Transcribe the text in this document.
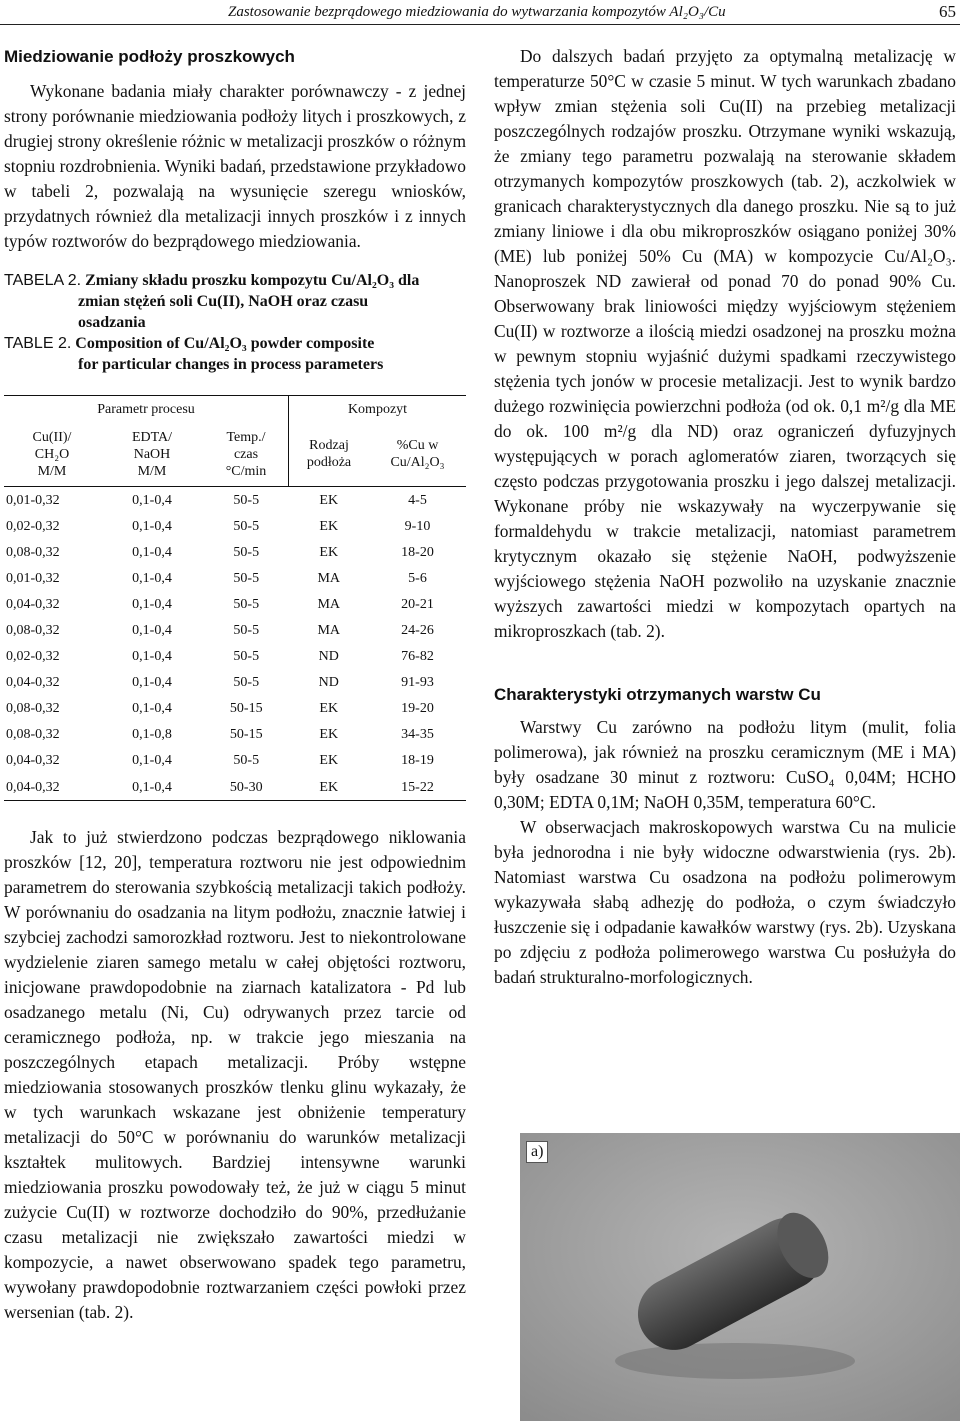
Zastosowanie bezprądowego miedziowania do wytwarzania kompozytów Al₂O₃/Cu	65

Miedziowanie podłoży proszkowych

Wykonane badania miały charakter porównawczy - z jednej strony porównanie miedziowania podłoży litych i proszkowych, z drugiej strony określenie różnic w metalizacji proszków o różnym stopniu rozdrobnienia. Wyniki badań, przedstawione przykładowo w tabeli 2, pozwalają na wysunięcie szeregu wniosków, przydatnych również dla metalizacji innych proszków i z innych typów roztworów do bezprądowego miedziowania.

TABELA 2. Zmiany składu proszku kompozytu Cu/Al₂O₃ dla
zmian stężeń soli Cu(II), NaOH oraz czasu
osadzania
TABLE 2. Composition of Cu/Al₂O₃ powder composite
for particular changes in process parameters
Parametr procesu			Kompozyt	
Cu(II)/
CH₂O
M/M	EDTA/
NaOH
M/M	Temp./
czas
°C/min	Rodzaj
podłoża	%Cu w
Cu/Al₂O₃
0,01-0,32	0,1-0,4	50-5	EK	4-5
0,02-0,32	0,1-0,4	50-5	EK	9-10
0,08-0,32	0,1-0,4	50-5	EK	18-20
0,01-0,32	0,1-0,4	50-5	MA	5-6
0,04-0,32	0,1-0,4	50-5	MA	20-21
0,08-0,32	0,1-0,4	50-5	MA	24-26
0,02-0,32	0,1-0,4	50-5	ND	76-82
0,04-0,32	0,1-0,4	50-5	ND	91-93
0,08-0,32	0,1-0,4	50-15	EK	19-20
0,08-0,32	0,1-0,8	50-15	EK	34-35
0,04-0,32	0,1-0,4	50-5	EK	18-19
0,04-0,32	0,1-0,4	50-30	EK	15-22

Jak to już stwierdzono podczas bezprądowego niklowania proszków [12, 20], temperatura roztworu nie jest odpowiednim parametrem do sterowania szybkością metalizacji takich podłoży. W porównaniu do osadzania na litym podłożu, znacznie łatwiej i szybciej zachodzi samorozkład roztworu. Jest to niekontrolowane wydzielenie ziaren samego metalu w całej objętości roztworu, inicjowane prawdopodobnie na ziarnach katalizatora - Pd lub osadzanego metalu (Ni, Cu) odrywanych przez tarcie od ceramicznego podłoża, np. w trakcie jego mieszania na poszczególnych etapach metalizacji. Próby wstępne miedziowania stosowanych proszków tlenku glinu wykazały, że w tych warunkach wskazane jest obniżenie temperatury metalizacji do 50°C w porównaniu do warunków metalizacji kształtek mulitowych. Bardziej intensywne warunki miedziowania proszku powodowały też, że już w ciągu 5 minut zużycie Cu(II) w roztworze dochodziło do 90%, przedłużanie czasu metalizacji nie zwiększało zawartości miedzi w kompozycie, a nawet obserwowano spadek tego parametru, wywołany prawdopodobnie roztwarzaniem części powłoki przez wersenian (tab. 2).

Do dalszych badań przyjęto za optymalną metalizację w temperaturze 50°C w czasie 5 minut. W tych warunkach zbadano wpływ zmian stężenia soli Cu(II) na przebieg metalizacji poszczególnych rodzajów proszku. Otrzymane wyniki wskazują, że zmiany tego parametru pozwalają na sterowanie składem otrzymanych kompozytów proszkowych (tab. 2), aczkolwiek w granicach charakterystycznych dla danego proszku. Nie są to już zmiany liniowe i dla obu mikroproszków osiągano poniżej 30% (ME) lub poniżej 50% Cu (MA) w kompozycie Cu/Al₂O₃. Nanoproszek ND zawierał od ponad 70 do ponad 90% Cu. Obserwowany brak liniowości między wyjściowym stężeniem Cu(II) w roztworze a ilością miedzi osadzonej na proszku można w pewnym stopniu wyjaśnić dużymi spadkami rzeczywistego stężenia tych jonów w procesie metalizacji. Jest to wynik bardzo dużego rozwinięcia powierzchni podłoża (od ok. 0,1 m²/g dla ME do ok. 100 m²/g dla ND) oraz ograniczeń dyfuzyjnych występujących w porach aglomeratów ziaren, tworzących się często podczas przygotowania proszku i jego dalszej metalizacji. Wykonane próby nie wskazywały na wyczerpywanie się formaldehydu w trakcie metalizacji, natomiast parametrem krytycznym okazało się stężenie NaOH, podwyższenie wyjściowego stężenia NaOH pozwoliło na uzyskanie znacznie wyższych zawartości miedzi w kompozytach opartych na mikroproszkach (tab. 2).

Charakterystyki otrzymanych warstw Cu

Warstwy Cu zarówno na podłożu litym (mulit, folia polimerowa), jak również na proszku ceramicznym (ME i MA) były osadzane 30 minut z roztworu: CuSO₄ 0,04M; HCHO 0,30M; EDTA 0,1M; NaOH 0,35M, temperatura 60°C.

W obserwacjach makroskopowych warstwa Cu na mulicie była jednorodna i nie były widoczne odwarstwienia (rys. 2b). Natomiast warstwa Cu osadzona na podłożu polimerowym wykazywała słabą adhezję do podłoża, o czym świadczyło łuszczenie się i odpadanie kawałków warstwy (rys. 2b). Uzyskana po zdjęciu z podłoża polimerowego warstwa Cu posłużyła do badań strukturalno-morfologicznych.

a)
